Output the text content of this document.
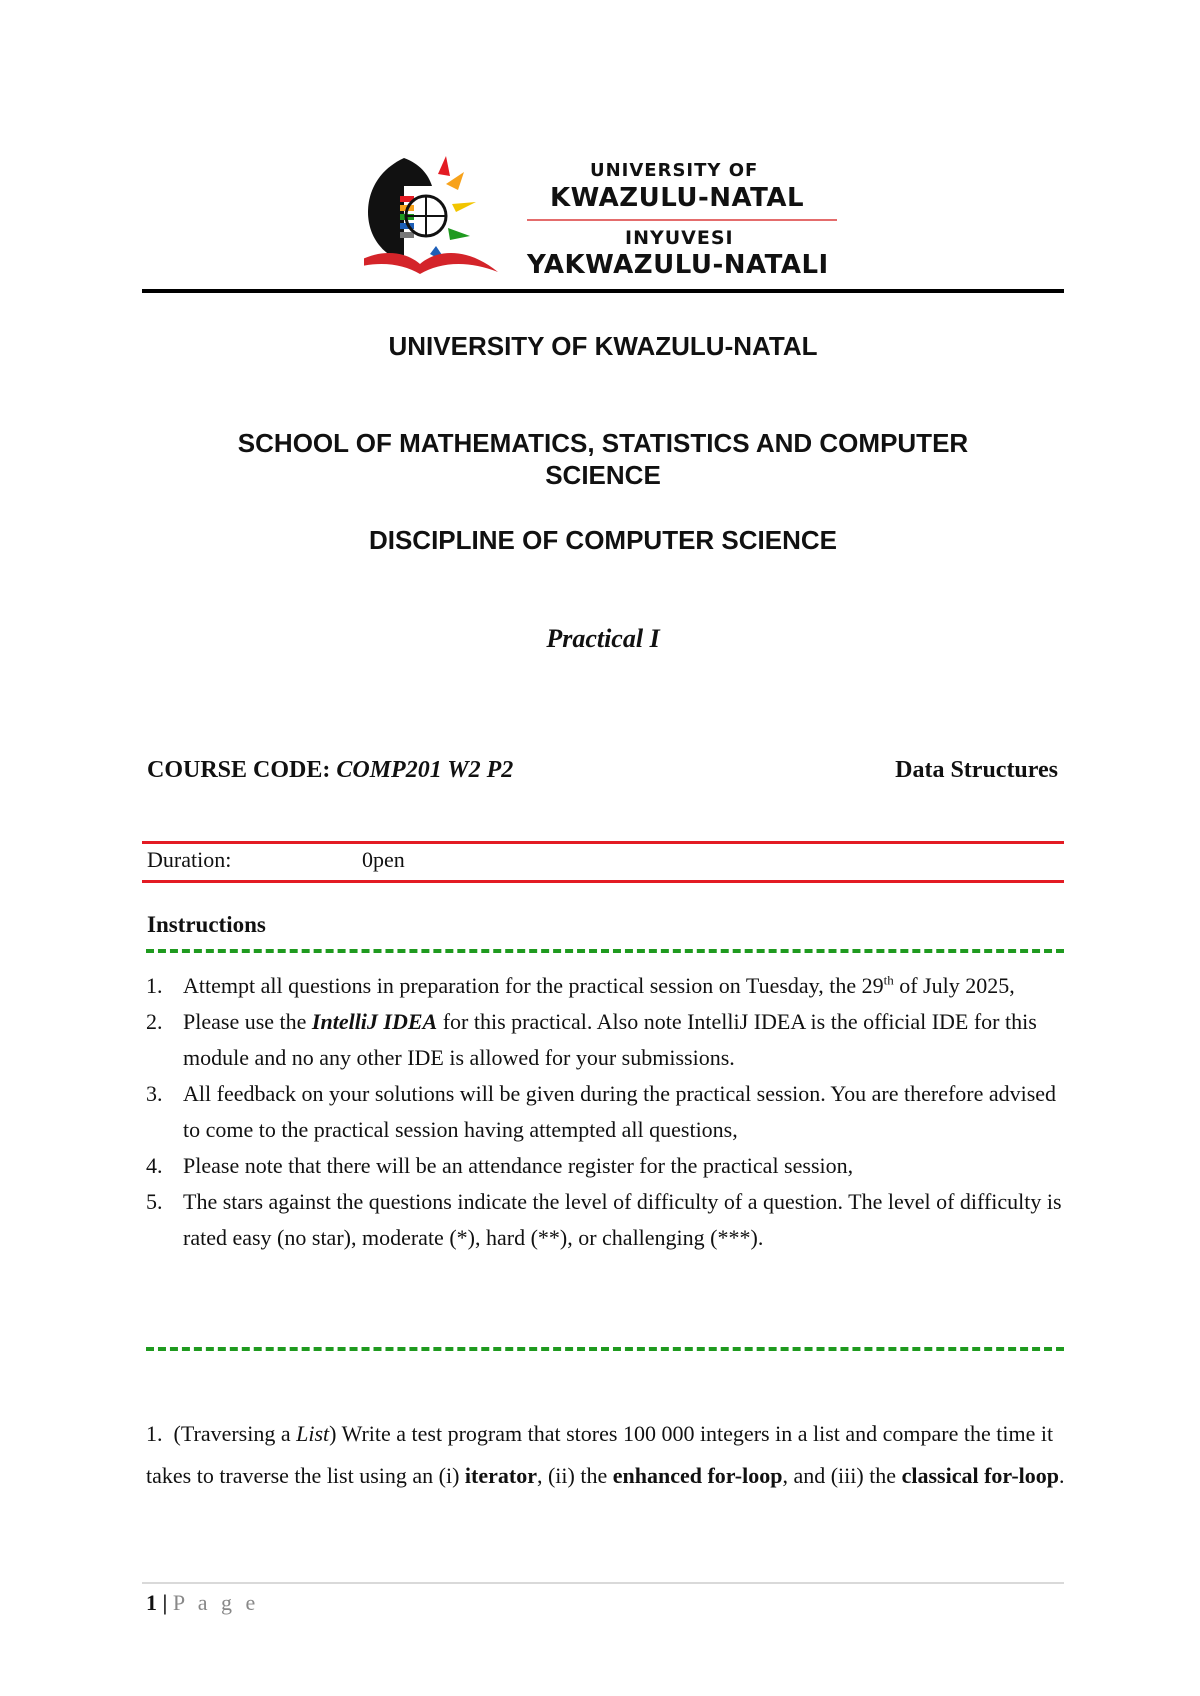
UNIVERSITY OF
KWAZULU-NATAL
INYUVESI
YAKWAZULU-NATALI
UNIVERSITY OF KWAZULU-NATAL
SCHOOL OF MATHEMATICS, STATISTICS AND COMPUTER
SCIENCE
DISCIPLINE OF COMPUTER SCIENCE
Practical I
COURSE CODE: COMP201 W2 P2	Data Structures
Duration:	0pen
Instructions
1. Attempt all questions in preparation for the practical session on Tuesday, the 29th of July 2025,
2. Please use the IntelliJ IDEA for this practical. Also note IntelliJ IDEA is the official IDE for this module and no any other IDE is allowed for your submissions.
3. All feedback on your solutions will be given during the practical session. You are therefore advised to come to the practical session having attempted all questions,
4. Please note that there will be an attendance register for the practical session,
5. The stars against the questions indicate the level of difficulty of a question. The level of difficulty is rated easy (no star), moderate (*), hard (**), or challenging (***).
1. (Traversing a List) Write a test program that stores 100 000 integers in a list and compare the time it takes to traverse the list using an (i) iterator, (ii) the enhanced for-loop, and (iii) the classical for-loop.
1 | P a g e
